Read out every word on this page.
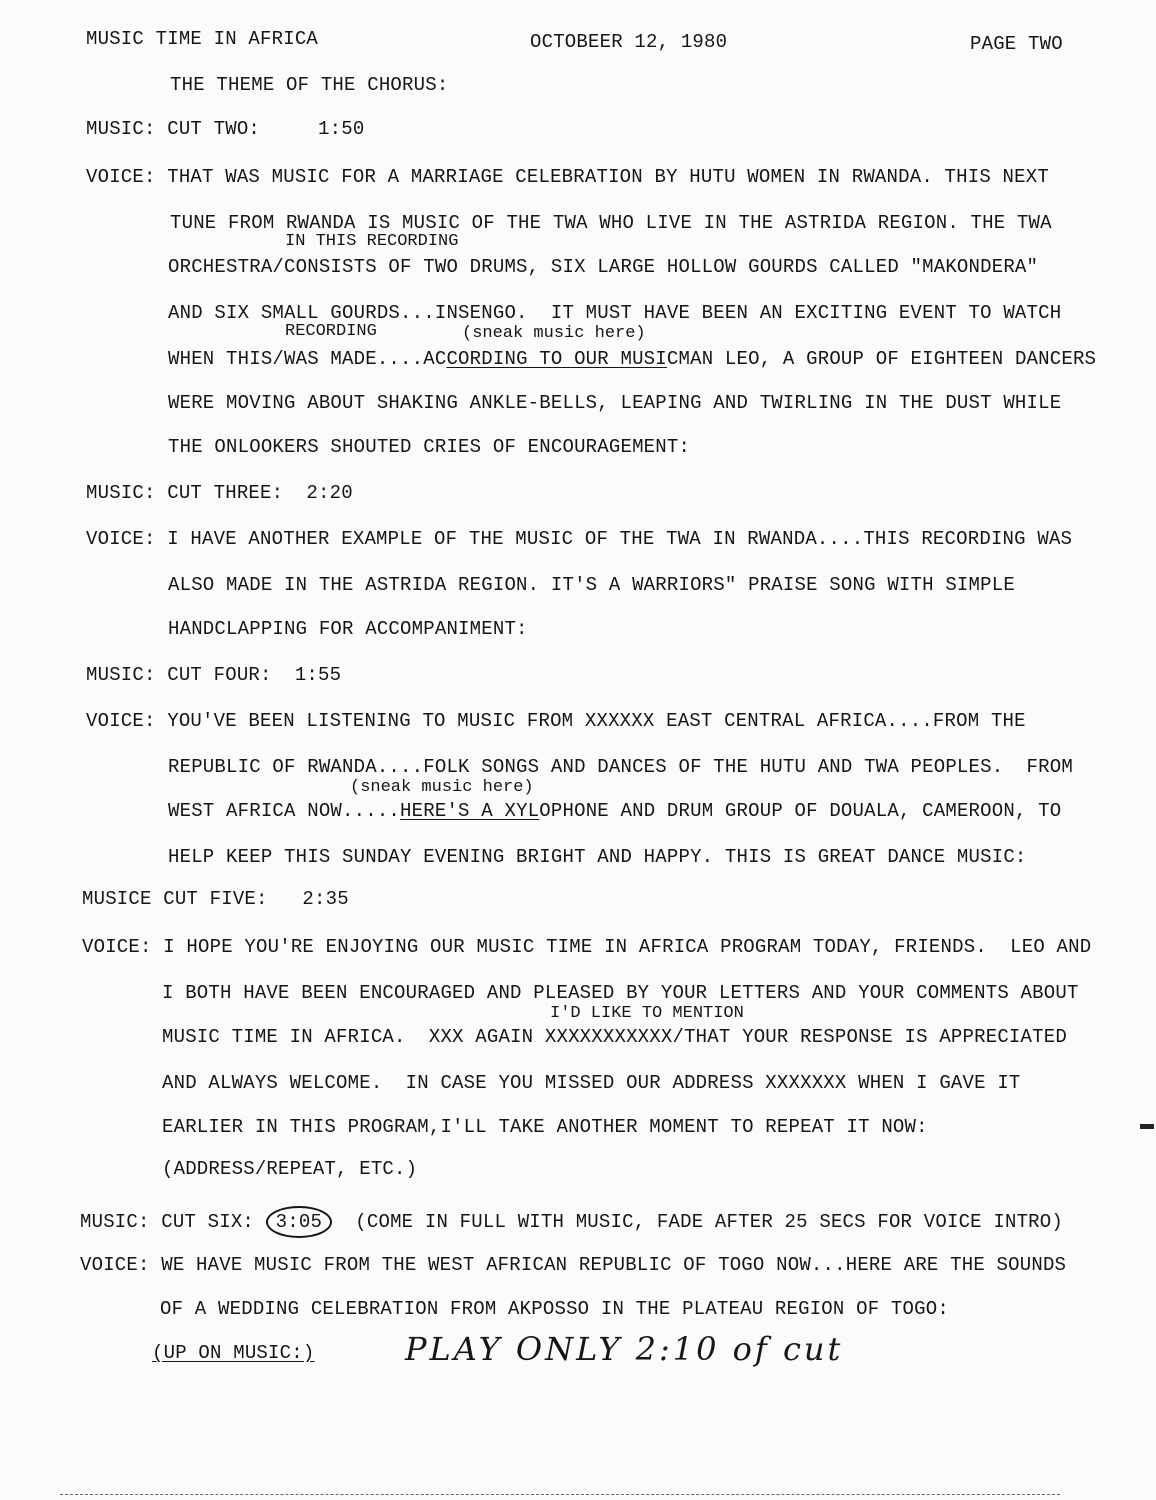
MUSIC TIME IN AFRICA	OCTOBEER 12, 1980	PAGE TWO
THE THEME OF THE CHORUS:
MUSIC: CUT TWO:     1:50
VOICE: THAT WAS MUSIC FOR A MARRIAGE CELEBRATION BY HUTU WOMEN IN RWANDA. THIS NEXT
TUNE FROM RWANDA IS MUSIC OF THE TWA WHO LIVE IN THE ASTRIDA REGION. THE TWA
IN THIS RECORDING
ORCHESTRA/CONSISTS OF TWO DRUMS, SIX LARGE HOLLOW GOURDS CALLED "MAKONDERA"
AND SIX SMALL GOURDS...INSENGO.  IT MUST HAVE BEEN AN EXCITING EVENT TO WATCH
RECORDING	(sneak music here)
WHEN THIS/WAS MADE....ACCORDING TO OUR MUSICMAN LEO, A GROUP OF EIGHTEEN DANCERS
WERE MOVING ABOUT SHAKING ANKLE-BELLS, LEAPING AND TWIRLING IN THE DUST WHILE
THE ONLOOKERS SHOUTED CRIES OF ENCOURAGEMENT:
MUSIC: CUT THREE:  2:20
VOICE: I HAVE ANOTHER EXAMPLE OF THE MUSIC OF THE TWA IN RWANDA....THIS RECORDING WAS
ALSO MADE IN THE ASTRIDA REGION. IT'S A WARRIORS" PRAISE SONG WITH SIMPLE
HANDCLAPPING FOR ACCOMPANIMENT:
MUSIC: CUT FOUR:  1:55
VOICE: YOU'VE BEEN LISTENING TO MUSIC FROM XXXXXX EAST CENTRAL AFRICA....FROM THE
REPUBLIC OF RWANDA....FOLK SONGS AND DANCES OF THE HUTU AND TWA PEOPLES.  FROM
(sneak music here)
WEST AFRICA NOW.....HERE'S A XYLOPHONE AND DRUM GROUP OF DOUALA, CAMEROON, TO
HELP KEEP THIS SUNDAY EVENING BRIGHT AND HAPPY. THIS IS GREAT DANCE MUSIC:
MUSICE CUT FIVE:   2:35
VOICE: I HOPE YOU'RE ENJOYING OUR MUSIC TIME IN AFRICA PROGRAM TODAY, FRIENDS.  LEO AND
I BOTH HAVE BEEN ENCOURAGED AND PLEASED BY YOUR LETTERS AND YOUR COMMENTS ABOUT
I'D LIKE TO MENTION
MUSIC TIME IN AFRICA.  XXX AGAIN XXXXXXXXXXX/THAT YOUR RESPONSE IS APPRECIATED
AND ALWAYS WELCOME.  IN CASE YOU MISSED OUR ADDRESS XXXXXXX WHEN I GAVE IT
EARLIER IN THIS PROGRAM,I'LL TAKE ANOTHER MOMENT TO REPEAT IT NOW:
(ADDRESS/REPEAT, ETC.)
MUSIC: CUT SIX: 3:05  (COME IN FULL WITH MUSIC, FADE AFTER 25 SECS FOR VOICE INTRO)
VOICE: WE HAVE MUSIC FROM THE WEST AFRICAN REPUBLIC OF TOGO NOW...HERE ARE THE SOUNDS
OF A WEDDING CELEBRATION FROM AKPOSSO IN THE PLATEAU REGION OF TOGO:
(UP ON MUSIC:)	PLAY ONLY 2:10 of cut
